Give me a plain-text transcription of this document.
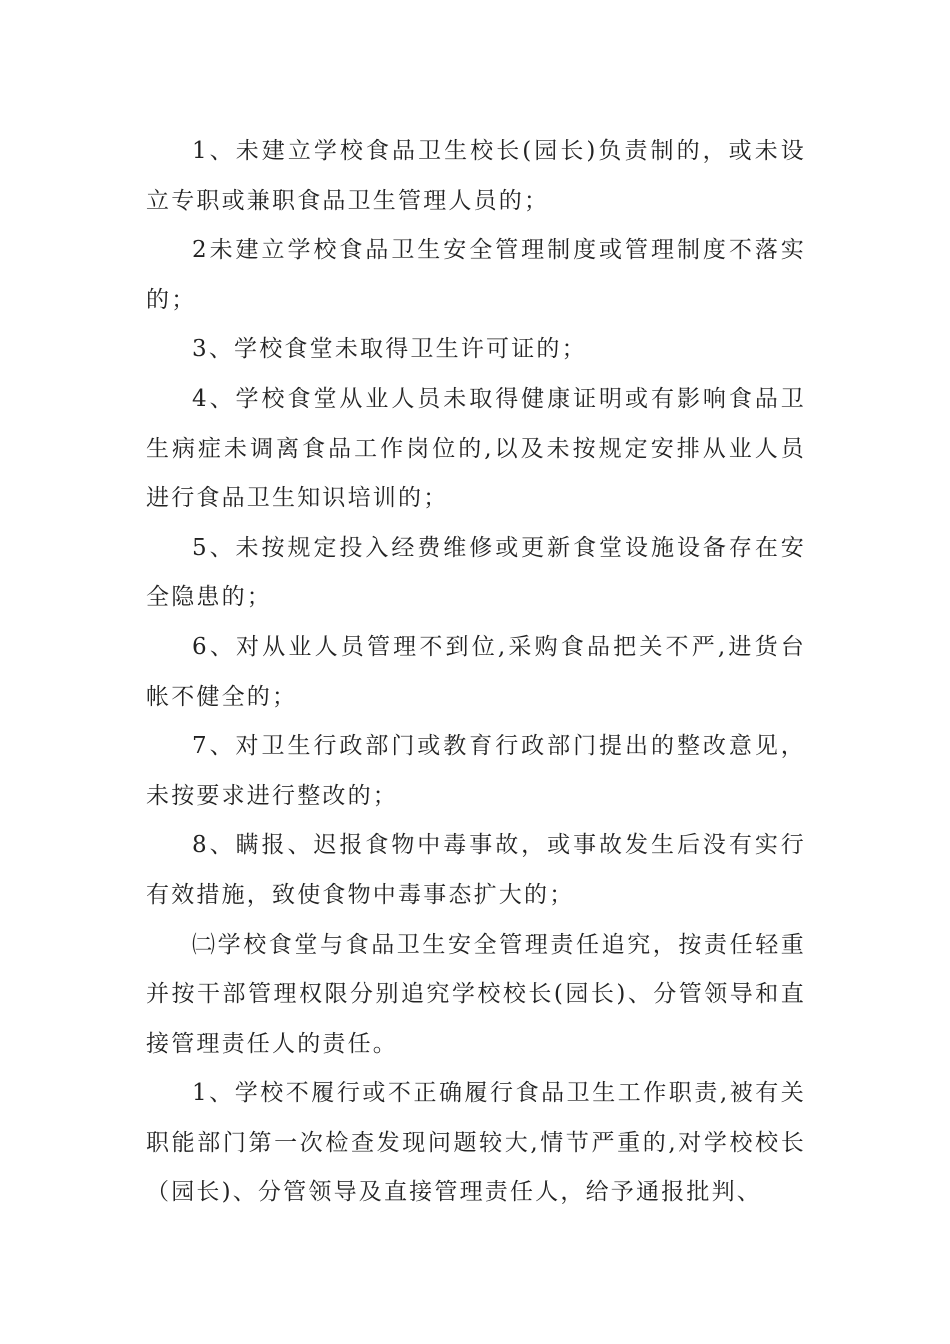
1、未建立学校食品卫生校长(园长)负责制的，或未设立专职或兼职食品卫生管理人员的；

2未建立学校食品卫生安全管理制度或管理制度不落实的；

3、学校食堂未取得卫生许可证的；

4、学校食堂从业人员未取得健康证明或有影响食品卫生病症未调离食品工作岗位的,以及未按规定安排从业人员进行食品卫生知识培训的；

5、未按规定投入经费维修或更新食堂设施设备存在安全隐患的；

6、对从业人员管理不到位,采购食品把关不严,进货台帐不健全的；

7、对卫生行政部门或教育行政部门提出的整改意见，未按要求进行整改的；

8、瞒报、迟报食物中毒事故，或事故发生后没有实行有效措施，致使食物中毒事态扩大的；

㈡学校食堂与食品卫生安全管理责任追究，按责任轻重并按干部管理权限分别追究学校校长(园长)、分管领导和直接管理责任人的责任。

1、学校不履行或不正确履行食品卫生工作职责,被有关职能部门第一次检查发现问题较大,情节严重的,对学校校长（园长)、分管领导及直接管理责任人，给予通报批判、
